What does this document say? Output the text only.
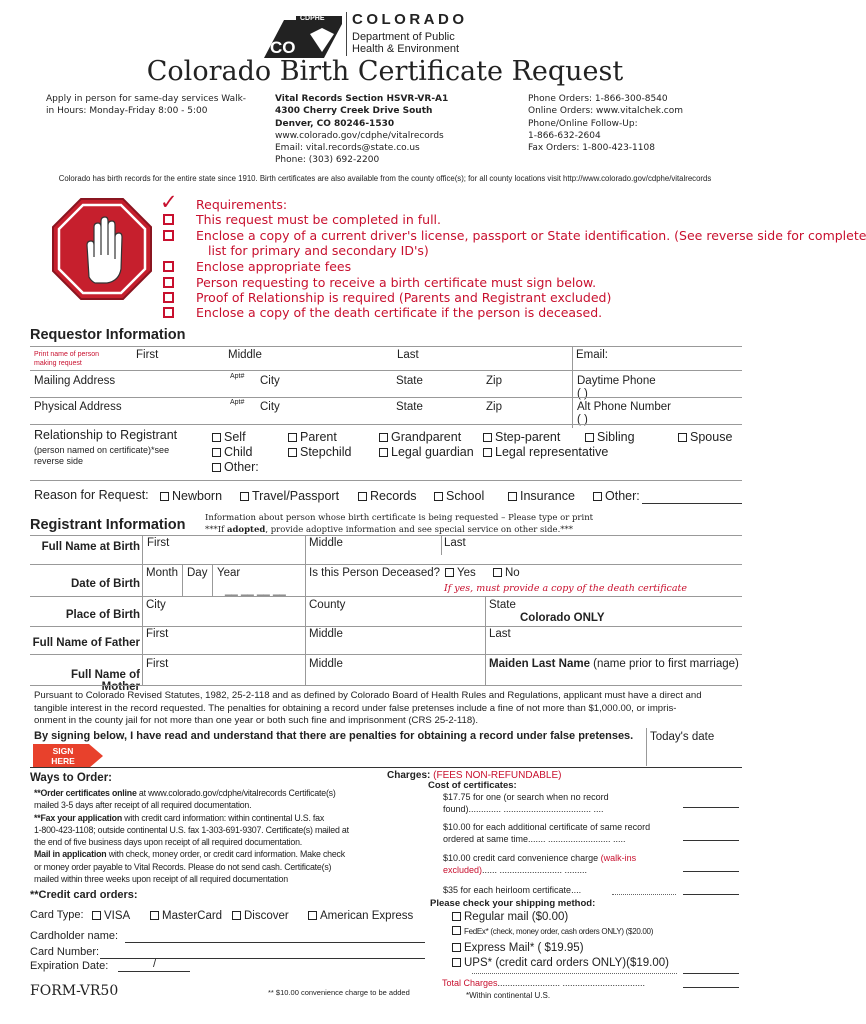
CDPHE
CO
COLORADO
Department of Public
Health & Environment
Colorado Birth Certificate Request
Apply in person for same-day services Walk-
in Hours: Monday-Friday 8:00 - 5:00
Vital Records Section HSVR-VR-A1
4300 Cherry Creek Drive South
Denver, CO 80246-1530
www.colorado.gov/cdphe/vitalrecords
Email: vital.records@state.co.us
Phone: (303) 692-2200
Phone Orders: 1-866-300-8540
Online Orders: www.vitalchek.com
Phone/Online Follow-Up:
1-866-632-2604
Fax Orders: 1-800-423-1108
Colorado has birth records for the entire state since 1910. Birth certificates are also available from the county office(s); for all county locations visit http://www.colorado.gov/cdphe/vitalrecords
✓ Requirements:
This request must be completed in full.
Enclose a copy of a current driver's license, passport or State identification. (See reverse side for complete
list for primary and secondary ID's)
Enclose appropriate fees
Person requesting to receive a birth certificate must sign below.
Proof of Relationship is required (Parents and Registrant excluded)
Enclose a copy of the death certificate if the person is deceased.
Requestor Information
Print name of person
making request
First	Middle	Last	Email:
Mailing Address	Apt# City	State	Zip	Daytime Phone
( )
Physical Address	Apt# City	State	Zip	Alt Phone Number
( )
Relationship to Registrant
(person named on certificate)*see
reverse side
Self
Child
Other:
Parent
Stepchild
Grandparent
Legal guardian
Step-parent
Legal representative
Sibling	Spouse
Reason for Request:	Newborn	Travel/Passport	Records	School	Insurance	Other:
Registrant Information Information about person whose birth certificate is being requested – Please type or print
***If adopted, provide adoptive information and see special service on other side.***
Full Name at Birth First	Middle	Last
Date of Birth
Month Day Year
__ __ __ __
Is this Person Deceased?	Yes	No
If yes, must provide a copy of the death certificate
Place of Birth
City	County	State
Colorado ONLY
Full Name of Father
First	Middle	Last
Full Name of Mother
First	Middle	Maiden Last Name (name prior to first marriage)
Pursuant to Colorado Revised Statutes, 1982, 25-2-118 and as defined by Colorado Board of Health Rules and Regulations, applicant must have a direct and
tangible interest in the record requested. The penalties for obtaining a record under false pretenses include a fine of not more than $1,000.00, or impris-
onment in the county jail for not more than one year or both such fine and imprisonment (CRS 25-2-118).
By signing below, I have read and understand that there are penalties for obtaining a record under false pretenses. Today's date
SIGN
HERE
Ways to Order:
**Order certificates online at www.colorado.gov/cdphe/vitalrecords Certificate(s)
mailed 3-5 days after receipt of all required documentation.
**Fax your application with credit card information: within continental U.S. fax
1-800-423-1108; outside continental U.S. fax 1-303-691-9307. Certificate(s) mailed at
the end of five business days upon receipt of all required documentation.
Mail in application with check, money order, or credit card information. Make check
or money order payable to Vital Records. Please do not send cash. Certificate(s)
mailed within three weeks upon receipt of all required documentation
**Credit card orders:
Card Type:	VISA	MasterCard	Discover	American Express
Cardholder name:
Card Number:
Expiration Date:	/
FORM-VR50	** $10.00 convenience charge to be added
Charges: (FEES NON-REFUNDABLE)
Cost of certificates:
$17.75 for one (or search when no record
found)............. ................................... ....
$10.00 for each additional certificate of same record
ordered at same time....... ......................... .....
$10.00 credit card convenience charge (walk-ins
excluded)...... ......................... .........
$35 for each heirloom certificate....
Please check your shipping method:
Regular mail ($0.00)
FedEx* (check, money order, cash orders ONLY) ($20.00)
Express Mail* ( $19.95)
UPS* (credit card orders ONLY)($19.00)
Total Charges......................... .................................
*Within continental U.S.
